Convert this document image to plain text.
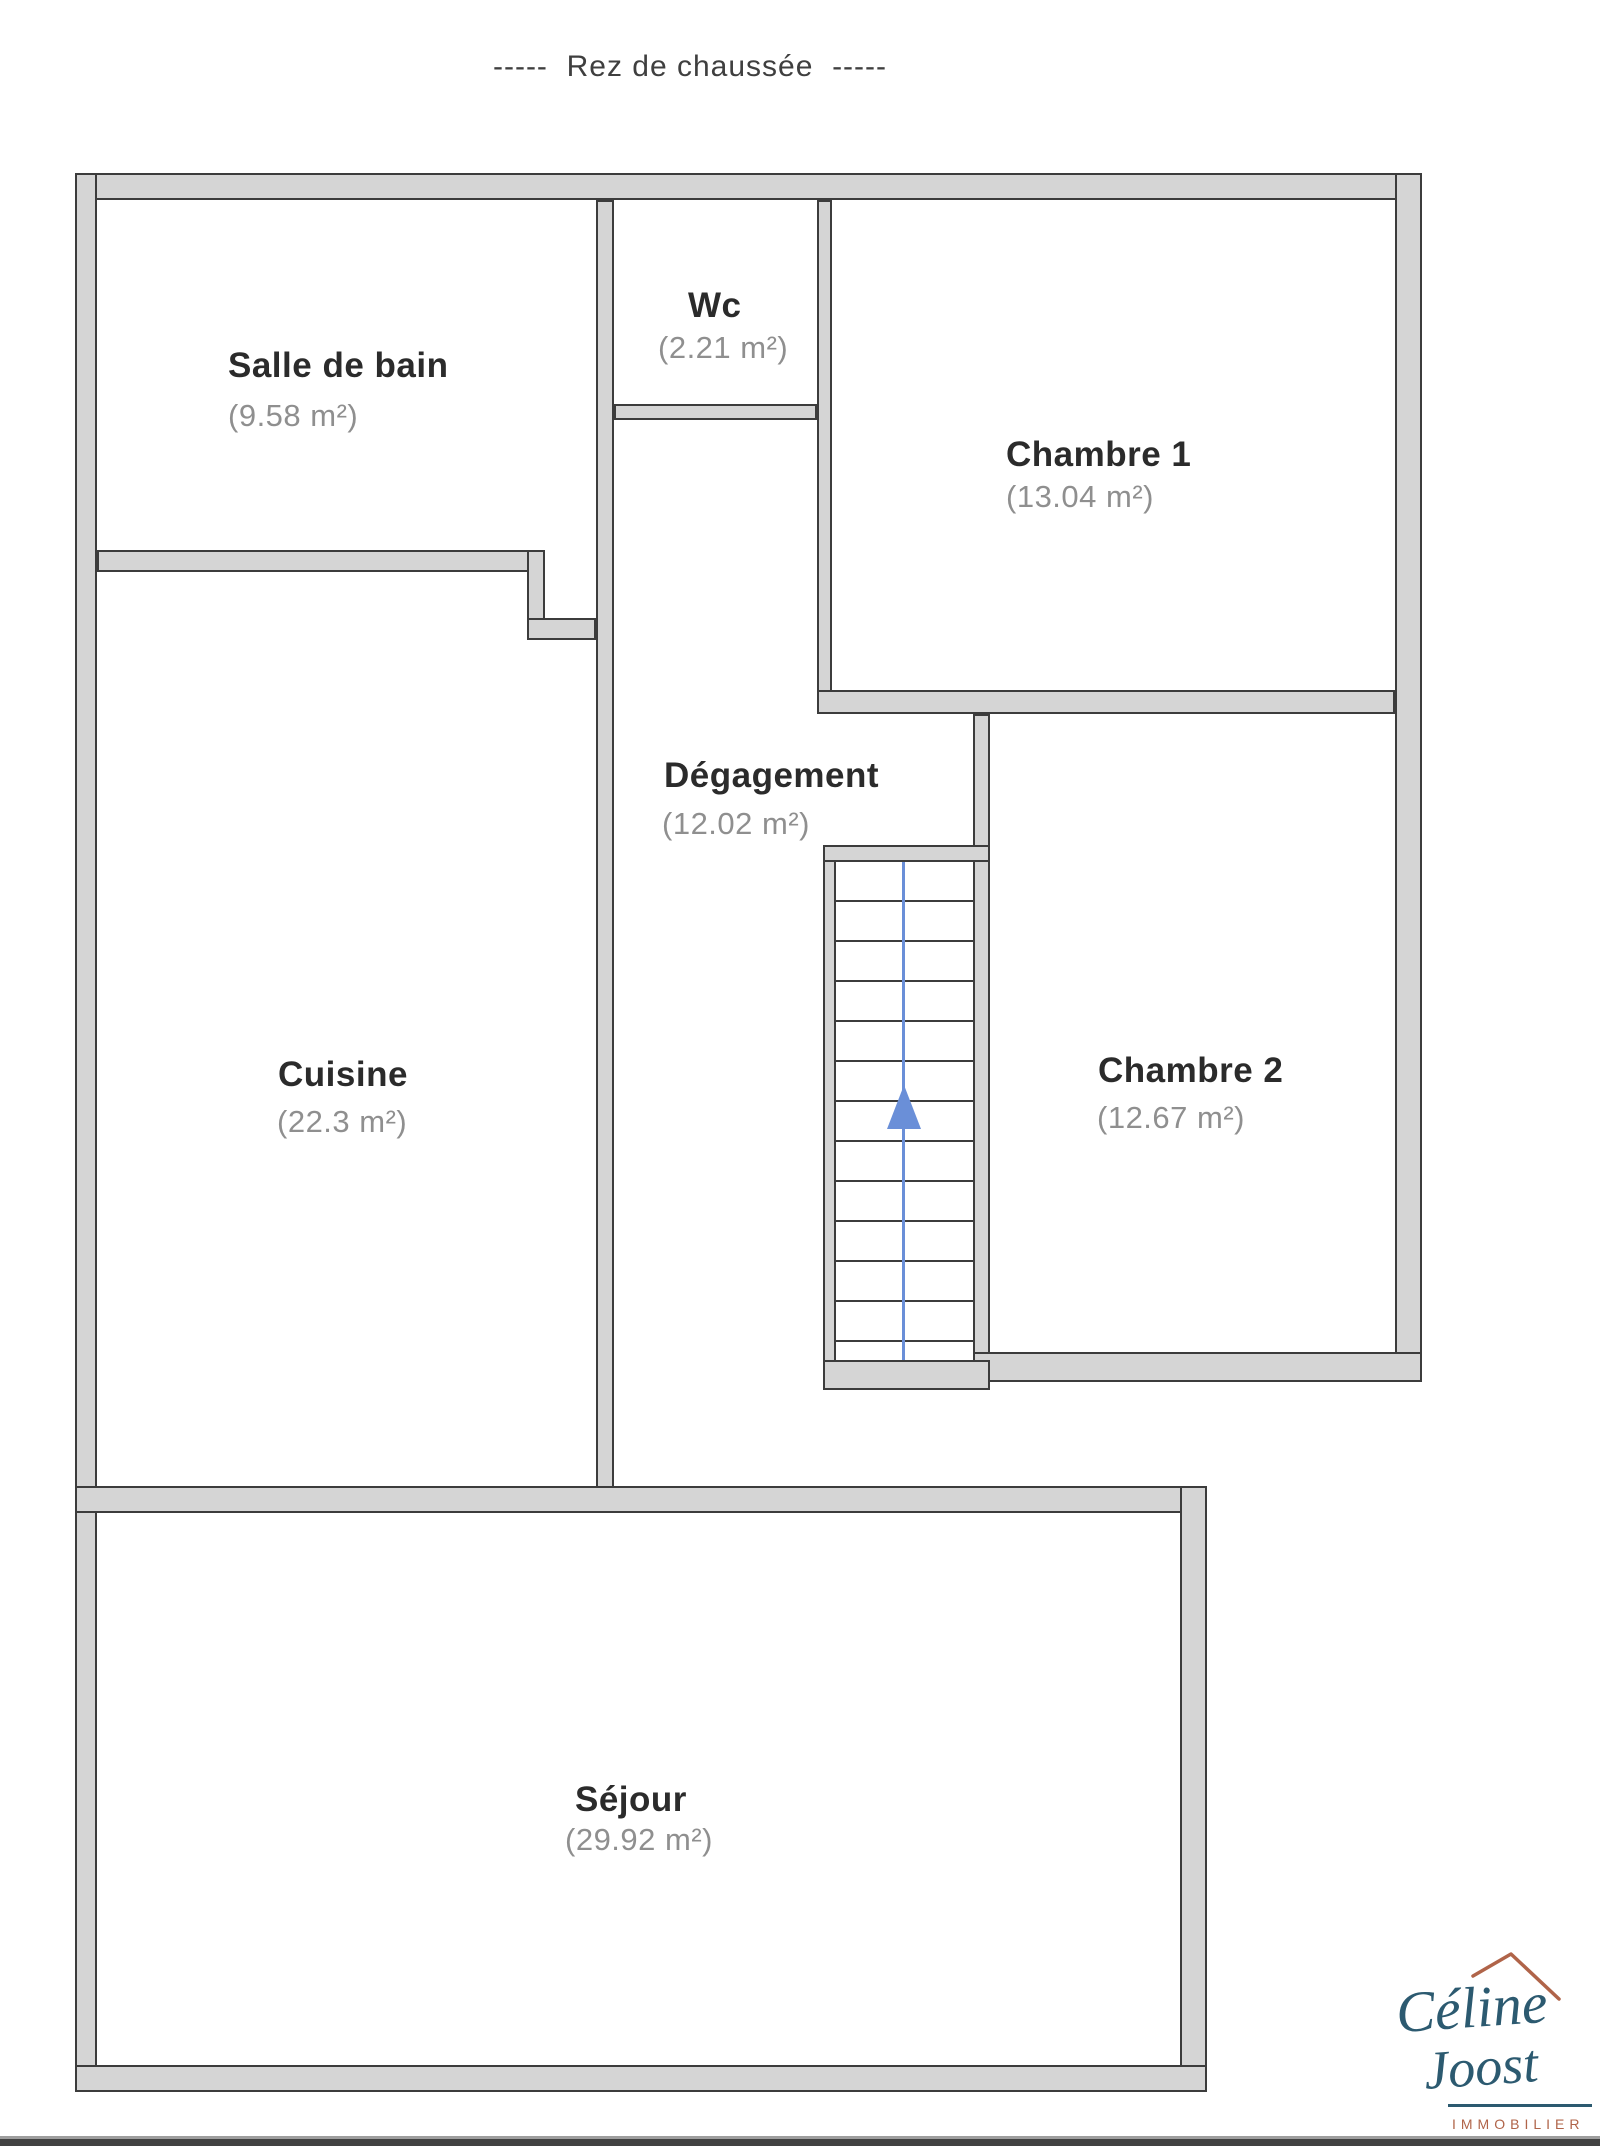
-----  Rez de chaussée  -----
Salle de bain
(9.58 m²)
Wc
(2.21 m²)
Chambre 1
(13.04 m²)
Dégagement
(12.02 m²)
Cuisine
(22.3 m²)
Chambre 2
(12.67 m²)
Séjour
(29.92 m²)
Céline
Joost
IMMOBILIER
